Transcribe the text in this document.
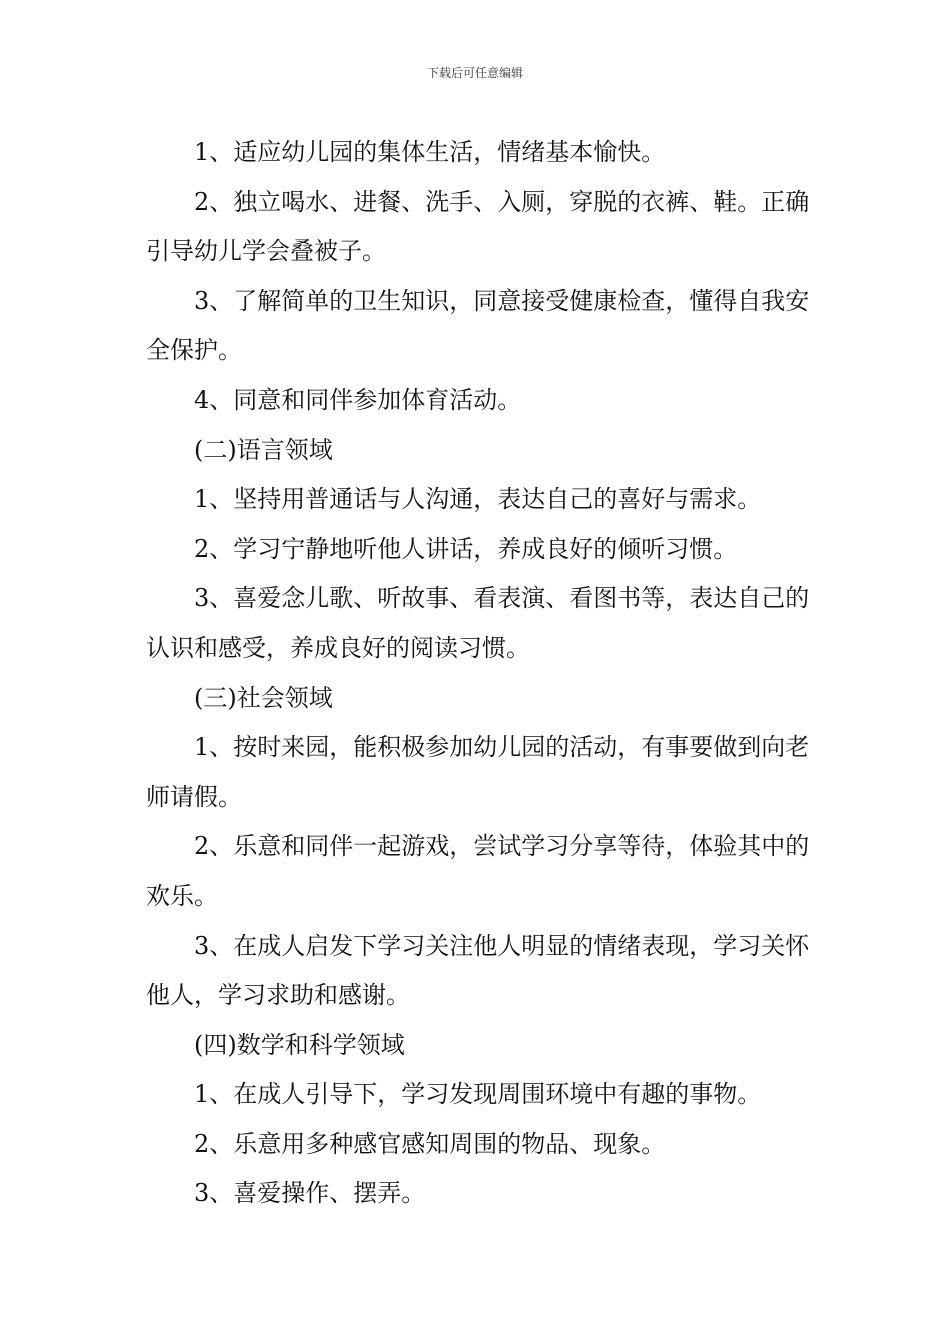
下载后可任意编辑

1、适应幼儿园的集体生活，情绪基本愉快。

2、独立喝水、进餐、洗手、入厕，穿脱的衣裤、鞋。正确引导幼儿学会叠被子。

3、了解简单的卫生知识，同意接受健康检查，懂得自我安全保护。

4、同意和同伴参加体育活动。

(二)语言领域

1、坚持用普通话与人沟通，表达自己的喜好与需求。

2、学习宁静地听他人讲话，养成良好的倾听习惯。

3、喜爱念儿歌、听故事、看表演、看图书等，表达自己的认识和感受，养成良好的阅读习惯。

(三)社会领域

1、按时来园，能积极参加幼儿园的活动，有事要做到向老师请假。

2、乐意和同伴一起游戏，尝试学习分享等待，体验其中的欢乐。

3、在成人启发下学习关注他人明显的情绪表现，学习关怀他人，学习求助和感谢。

(四)数学和科学领域

1、在成人引导下，学习发现周围环境中有趣的事物。

2、乐意用多种感官感知周围的物品、现象。

3、喜爱操作、摆弄。
